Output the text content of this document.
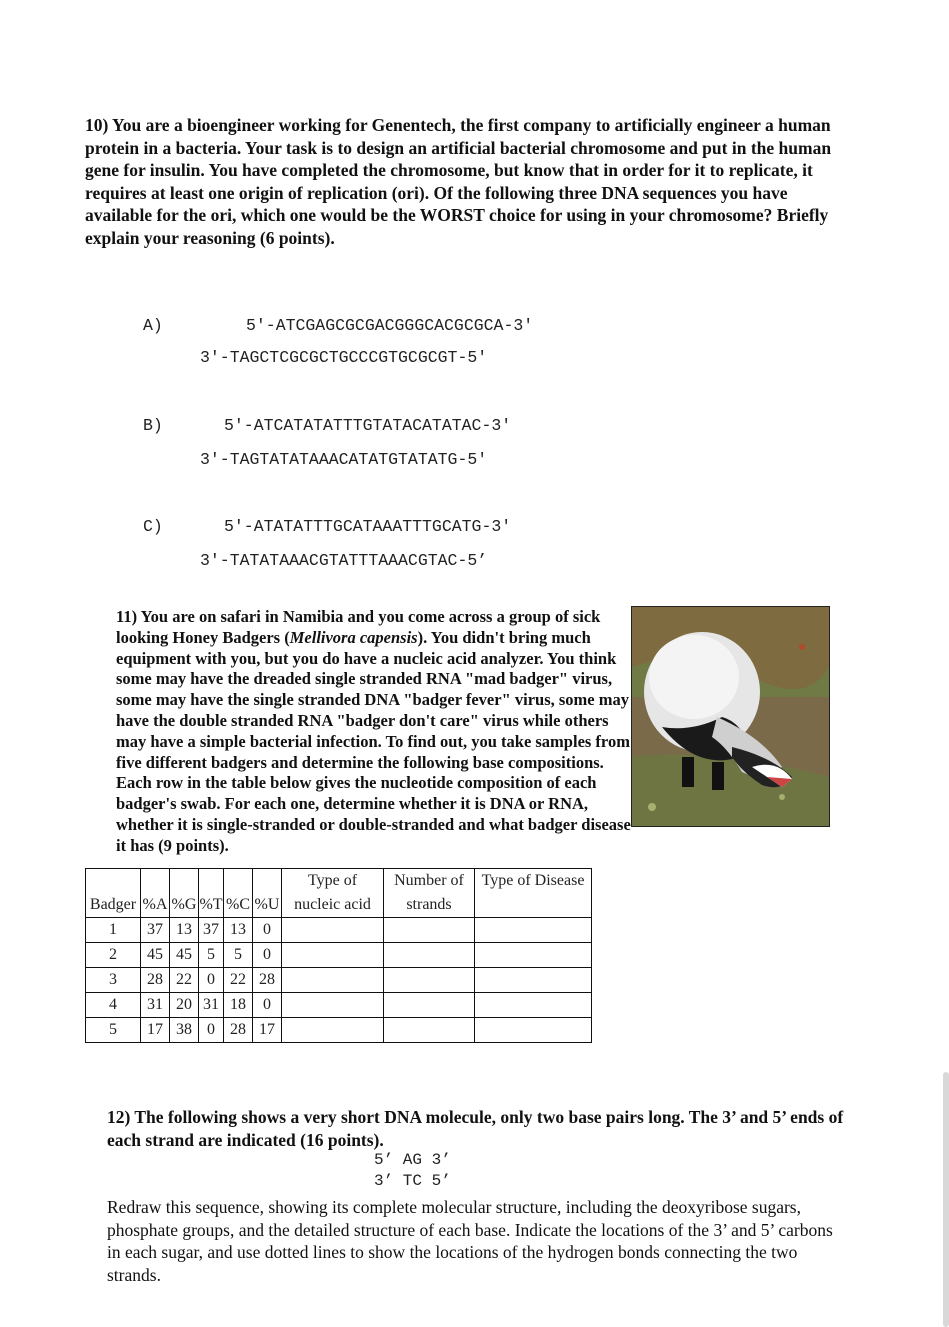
10) You are a bioengineer working for Genentech, the first company to artificially engineer a human protein in a bacteria. Your task is to design an artificial bacterial chromosome and put in the human gene for insulin. You have completed the chromosome, but know that in order for it to replicate, it requires at least one origin of replication (ori). Of the following three DNA sequences you have available for the ori, which one would be the WORST choice for using in your chromosome? Briefly explain your reasoning (6 points).
A)	5'-ATCGAGCGCGACGGGCACGCGCA-3'
3'-TAGCTCGCGCTGCCCGTGCGCGT-5'
B)	5'-ATCATATATTTGTATACATATAC-3'
3'-TAGTATATAAACATATGTATATG-5'
C)	5'-ATATATTTGCATAAATTTGCATG-3'
3'-TATATAAACGTATTTAAACGTAC-5’
11) You are on safari in Namibia and you come across a group of sick looking Honey Badgers (Mellivora capensis). You didn't bring much equipment with you, but you do have a nucleic acid analyzer. You think some may have the dreaded single stranded RNA "mad badger" virus, some may have the single stranded DNA "badger fever" virus, some may have the double stranded RNA "badger don't care" virus while others may have a simple bacterial infection. To find out, you take samples from five different badgers and determine the following base compositions. Each row in the table below gives the nucleotide composition of each badger's swab. For each one, determine whether it is DNA or RNA, whether it is single-stranded or double-stranded and what badger disease it has (9 points).
						Type of	Number of	Type of Disease
Badger	%A	%G	%T	%C	%U	nucleic acid	strands	
1	37	13	37	13	0			
2	45	45	5	5	0			
3	28	22	0	22	28			
4	31	20	31	18	0			
5	17	38	0	28	17			
12) The following shows a very short DNA molecule, only two base pairs long. The 3’ and 5’ ends of each strand are indicated (16 points).
5’ AG 3’
3’ TC 5’
Redraw this sequence, showing its complete molecular structure, including the deoxyribose sugars, phosphate groups, and the detailed structure of each base. Indicate the locations of the 3’ and 5’ carbons in each sugar, and use dotted lines to show the locations of the hydrogen bonds connecting the two strands.
